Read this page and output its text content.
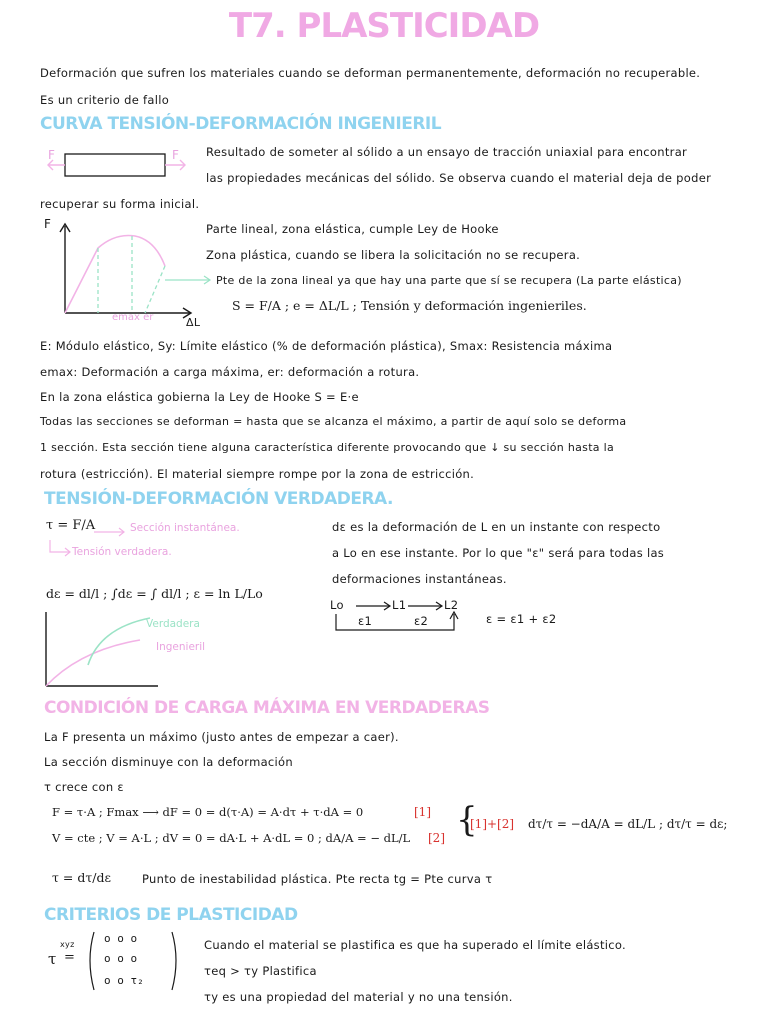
T7. PLASTICIDAD
Deformación que sufren los materiales cuando se deforman permanentemente, deformación no recuperable.
Es un criterio de fallo
CURVA TENSIÓN-DEFORMACIÓN INGENIERIL
F	F Resultado de someter al sólido a un ensayo de tracción uniaxial para encontrar
las propiedades mecánicas del sólido. Se observa cuando el material deja de poder
recuperar su forma inicial.
F
ΔL
emax er
Parte lineal, zona elástica, cumple Ley de Hooke
Zona plástica, cuando se libera la solicitación no se recupera.
Pte de la zona lineal ya que hay una parte que sí se recupera (La parte elástica)
S = F/A ; e = ΔL/L ; Tensión y deformación ingenieriles.
E: Módulo elástico, Sy: Límite elástico (% de deformación plástica), Smax: Resistencia máxima
emax: Deformación a carga máxima, er: deformación a rotura.
En la zona elástica gobierna la Ley de Hooke S = E·e
Todas las secciones se deforman = hasta que se alcanza el máximo, a partir de aquí solo se deforma
1 sección. Esta sección tiene alguna característica diferente provocando que ↓ su sección hasta la
rotura (estricción). El material siempre rompe por la zona de estricción.
TENSIÓN-DEFORMACIÓN VERDADERA.
τ = F/A	Sección instantánea.
Tensión verdadera.
dε = dl/l ; ∫dε = ∫ dl/l ; ε = ln L/Lo
dε es la deformación de L en un instante con respecto
a Lo en ese instante. Por lo que "ε" será para todas las
deformaciones instantáneas.
Lo	L1	L2
ε1	ε2	ε = ε1 + ε2
Verdadera
Ingenieril
CONDICIÓN DE CARGA MÁXIMA EN VERDADERAS
La F presenta un máximo (justo antes de empezar a caer).
La sección disminuye con la deformación
τ crece con ε
F = τ·A ; Fmax ⟶ dF = 0 = d(τ·A) = A·dτ + τ·dA = 0	[1]
V = cte ; V = A·L ; dV = 0 = dA·L + A·dL = 0 ; dA/A = − dL/L [2] {
[1]+[2] dτ/τ = −dA/A = dL/L ; dτ/τ = dε;
τ = dτ/dε	Punto de inestabilidad plástica. Pte recta tg = Pte curva τ
CRITERIOS DE PLASTICIDAD
τ
xyz
=
o o o
o o o
o o τ₂
Cuando el material se plastifica es que ha superado el límite elástico.
τeq > τy Plastifica
τy es una propiedad del material y no una tensión.
